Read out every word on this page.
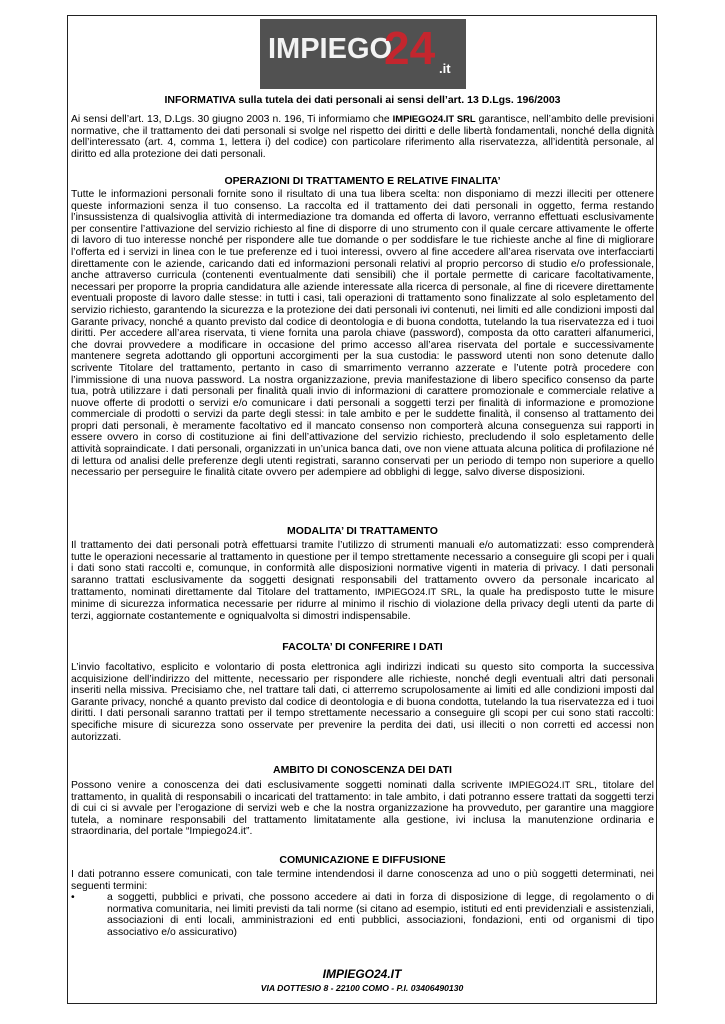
IMPIEGO
24 .it
INFORMATIVA sulla tutela dei dati personali ai sensi dell’art. 13 D.Lgs. 196/2003

Ai sensi dell’art. 13, D.Lgs. 30 giugno 2003 n. 196, Ti informiamo che IMPIEGO24.IT SRL garantisce, nell’ambito delle previsioni normative, che il trattamento dei dati personali si svolge nel rispetto dei diritti e delle libertà fondamentali, nonché della dignità dell’interessato (art. 4, comma 1, lettera i) del codice) con particolare riferimento alla riservatezza, all’identità personale, al diritto ed alla protezione dei dati personali.

OPERAZIONI DI TRATTAMENTO E RELATIVE FINALITA’

Tutte le informazioni personali fornite sono il risultato di una tua libera scelta: non disponiamo di mezzi illeciti per ottenere queste informazioni senza il tuo consenso. La raccolta ed il trattamento dei dati personali in oggetto, ferma restando l’insussistenza di qualsivoglia attività di intermediazione tra domanda ed offerta di lavoro, verranno effettuati esclusivamente per consentire l’attivazione del servizio richiesto al fine di disporre di uno strumento con il quale cercare attivamente le offerte di lavoro di tuo interesse nonché per rispondere alle tue domande o per soddisfare le tue richieste anche al fine di migliorare l’offerta ed i servizi in linea con le tue preferenze ed i tuoi interessi, ovvero al fine accedere all’area riservata ove interfacciarti direttamente con le aziende, caricando dati ed informazioni personali relativi al proprio percorso di studio e/o professionale, anche attraverso curricula (contenenti eventualmente dati sensibili) che il portale permette di caricare facoltativamente, necessari per proporre la propria candidatura alle aziende interessate alla ricerca di personale, al fine di ricevere direttamente eventuali proposte di lavoro dalle stesse: in tutti i casi, tali operazioni di trattamento sono finalizzate al solo espletamento del servizio richiesto, garantendo la sicurezza e la protezione dei dati personali ivi contenuti, nei limiti ed alle condizioni imposti dal Garante privacy, nonché a quanto previsto dal codice di deontologia e di buona condotta, tutelando la tua riservatezza ed i tuoi diritti. Per accedere all’area riservata, ti viene fornita una parola chiave (password), composta da otto caratteri alfanumerici, che dovrai provvedere a modificare in occasione del primo accesso all’area riservata del portale e successivamente mantenere segreta adottando gli opportuni accorgimenti per la sua custodia: le password utenti non sono detenute dallo scrivente Titolare del trattamento, pertanto in caso di smarrimento verranno azzerate e l’utente potrà procedere con l’immissione di una nuova password. La nostra organizzazione, previa manifestazione di libero specifico consenso da parte tua, potrà utilizzare i dati personali per finalità quali invio di informazioni di carattere promozionale e commerciale relative a nuove offerte di prodotti o servizi e/o comunicare i dati personali a soggetti terzi per finalità di informazione e promozione commerciale di prodotti o servizi da parte degli stessi: in tale ambito e per le suddette finalità, il consenso al trattamento dei propri dati personali, è meramente facoltativo ed il mancato consenso non comporterà alcuna conseguenza sui rapporti in essere ovvero in corso di costituzione ai fini dell’attivazione del servizio richiesto, precludendo il solo espletamento delle attività sopraindicate. I dati personali, organizzati in un’unica banca dati, ove non viene attuata alcuna politica di profilazione né di lettura od analisi delle preferenze degli utenti registrati, saranno conservati per un periodo di tempo non superiore a quello necessario per perseguire le finalità citate ovvero per adempiere ad obblighi di legge, salvo diverse disposizioni.

MODALITA’ DI TRATTAMENTO

Il trattamento dei dati personali potrà effettuarsi tramite l’utilizzo di strumenti manuali e/o automatizzati: esso comprenderà tutte le operazioni necessarie al trattamento in questione per il tempo strettamente necessario a conseguire gli scopi per i quali i dati sono stati raccolti e, comunque, in conformità alle disposizioni normative vigenti in materia di privacy. I dati personali saranno trattati esclusivamente da soggetti designati responsabili del trattamento ovvero da personale incaricato al trattamento, nominati direttamente dal Titolare del trattamento, IMPIEGO24.IT SRL, la quale ha predisposto tutte le misure minime di sicurezza informatica necessarie per ridurre al minimo il rischio di violazione della privacy degli utenti da parte di terzi, aggiornate costantemente e ogniqualvolta si dimostri indispensabile.

FACOLTA’ DI CONFERIRE I DATI

L’invio facoltativo, esplicito e volontario di posta elettronica agli indirizzi indicati su questo sito comporta la successiva acquisizione dell’indirizzo del mittente, necessario per rispondere alle richieste, nonché degli eventuali altri dati personali inseriti nella missiva. Precisiamo che, nel trattare tali dati, ci atterremo scrupolosamente ai limiti ed alle condizioni imposti dal Garante privacy, nonché a quanto previsto dal codice di deontologia e di buona condotta, tutelando la tua riservatezza ed i tuoi diritti. I dati personali saranno trattati per il tempo strettamente necessario a conseguire gli scopi per cui sono stati raccolti: specifiche misure di sicurezza sono osservate per prevenire la perdita dei dati, usi illeciti o non corretti ed accessi non autorizzati.

AMBITO DI CONOSCENZA DEI DATI

Possono venire a conoscenza dei dati esclusivamente soggetti nominati dalla scrivente IMPIEGO24.IT SRL, titolare del trattamento, in qualità di responsabili o incaricati del trattamento: in tale ambito, i dati potranno essere trattati da soggetti terzi di cui ci si avvale per l’erogazione di servizi web e che la nostra organizzazione ha provveduto, per garantire una maggiore tutela, a nominare responsabili del trattamento limitatamente alla gestione, ivi inclusa la manutenzione ordinaria e straordinaria, del portale “Impiego24.it”.

COMUNICAZIONE E DIFFUSIONE

I dati potranno essere comunicati, con tale termine intendendosi il darne conoscenza ad uno o più soggetti determinati, nei seguenti termini:

•	a soggetti, pubblici e privati, che possono accedere ai dati in forza di disposizione di legge, di regolamento o di normativa comunitaria, nei limiti previsti da tali norme (si citano ad esempio, istituti ed enti previdenziali e assistenziali, associazioni di enti locali, amministrazioni ed enti pubblici, associazioni, fondazioni, enti od organismi di tipo associativo e/o assicurativo)
IMPIEGO24.IT
VIA DOTTESIO 8 - 22100 COMO - P.I. 03406490130
